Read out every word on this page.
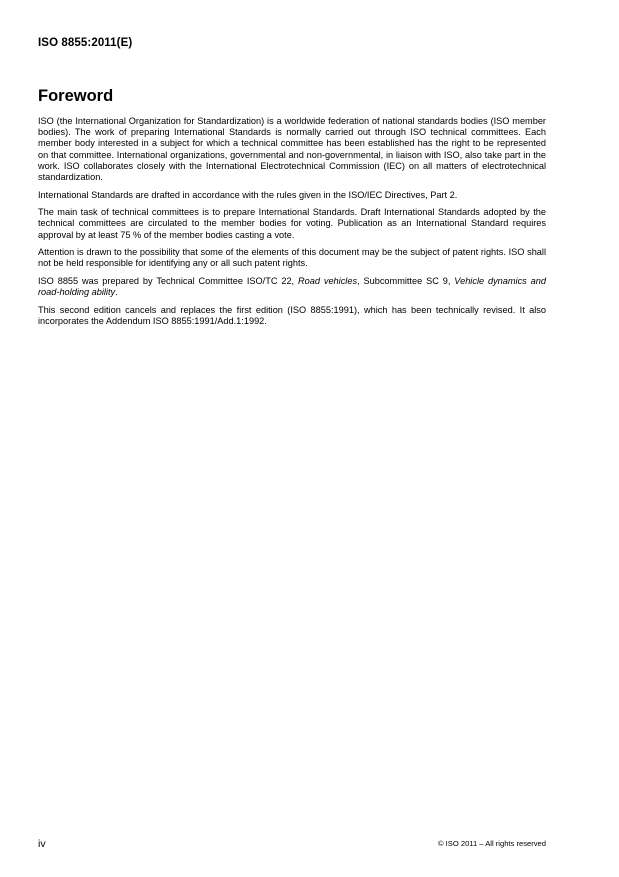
ISO 8855:2011(E)
Foreword

ISO (the International Organization for Standardization) is a worldwide federation of national standards bodies (ISO member bodies). The work of preparing International Standards is normally carried out through ISO technical committees. Each member body interested in a subject for which a technical committee has been established has the right to be represented on that committee. International organizations, governmental and non-governmental, in liaison with ISO, also take part in the work. ISO collaborates closely with the International Electrotechnical Commission (IEC) on all matters of electrotechnical standardization.

International Standards are drafted in accordance with the rules given in the ISO/IEC Directives, Part 2.

The main task of technical committees is to prepare International Standards. Draft International Standards adopted by the technical committees are circulated to the member bodies for voting. Publication as an International Standard requires approval by at least 75 % of the member bodies casting a vote.

Attention is drawn to the possibility that some of the elements of this document may be the subject of patent rights. ISO shall not be held responsible for identifying any or all such patent rights.

ISO 8855 was prepared by Technical Committee ISO/TC 22, Road vehicles, Subcommittee SC 9, Vehicle dynamics and road-holding ability.

This second edition cancels and replaces the first edition (ISO 8855:1991), which has been technically revised. It also incorporates the Addendum ISO 8855:1991/Add.1:1992.

iv	© ISO 2011 – All rights reserved
